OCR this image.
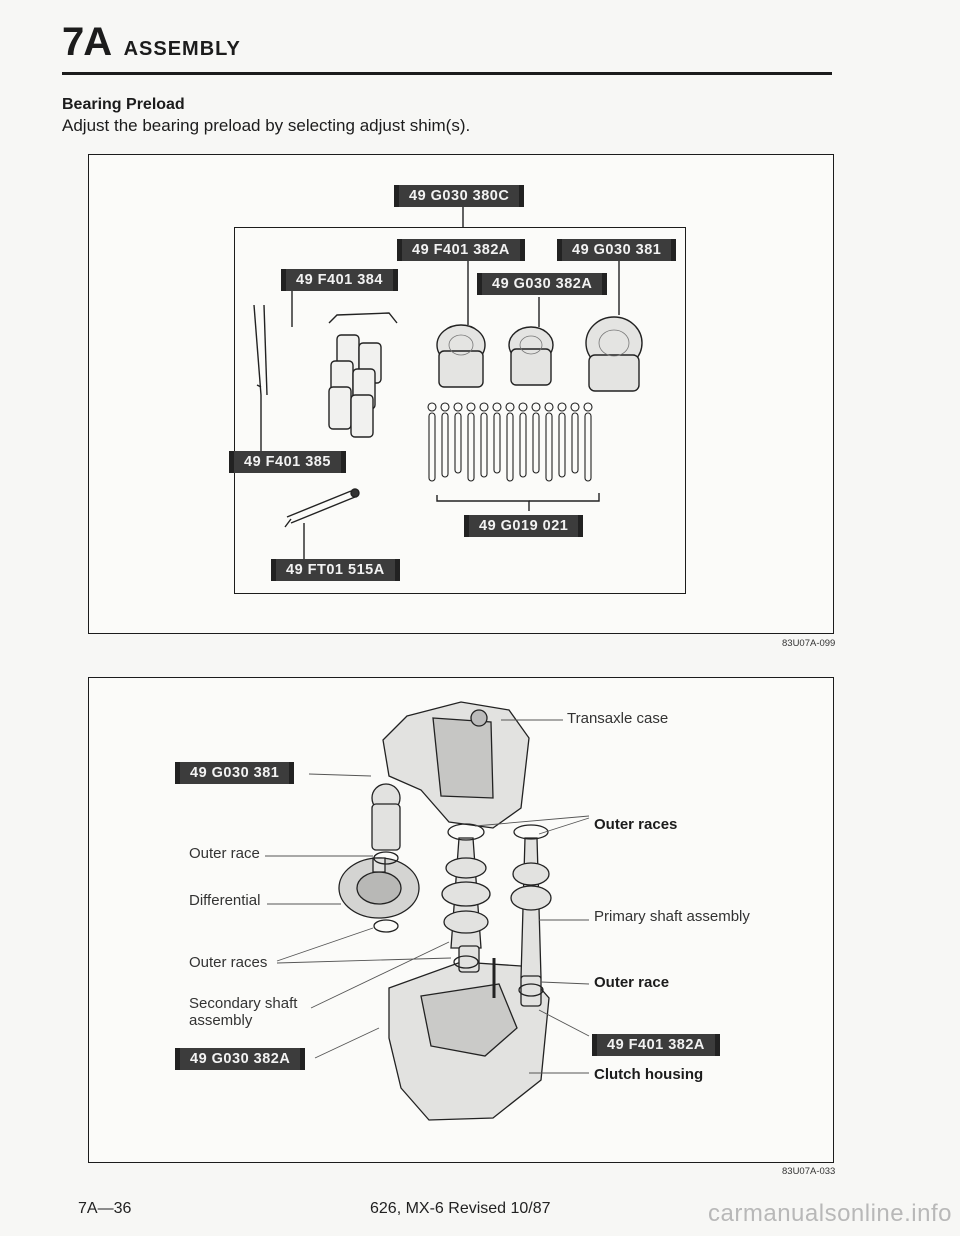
7A ASSEMBLY
Bearing Preload
Adjust the bearing preload by selecting adjust shim(s).
49 G030 380C
49 F401 382A	49 G030 381
49 F401 384	49 G030 382A
49 F401 385
49 G019 021
49 FT01 515A
83U07A-099
49 G030 381
49 G030 382A
49 F401 382A
Transaxle case
Outer races
Primary shaft assembly
Outer race
Clutch housing
Outer race
Differential
Outer races
Secondary shaft
assembly
83U07A-033
7A—36	626, MX-6 Revised 10/87	carmanualsonline.info
